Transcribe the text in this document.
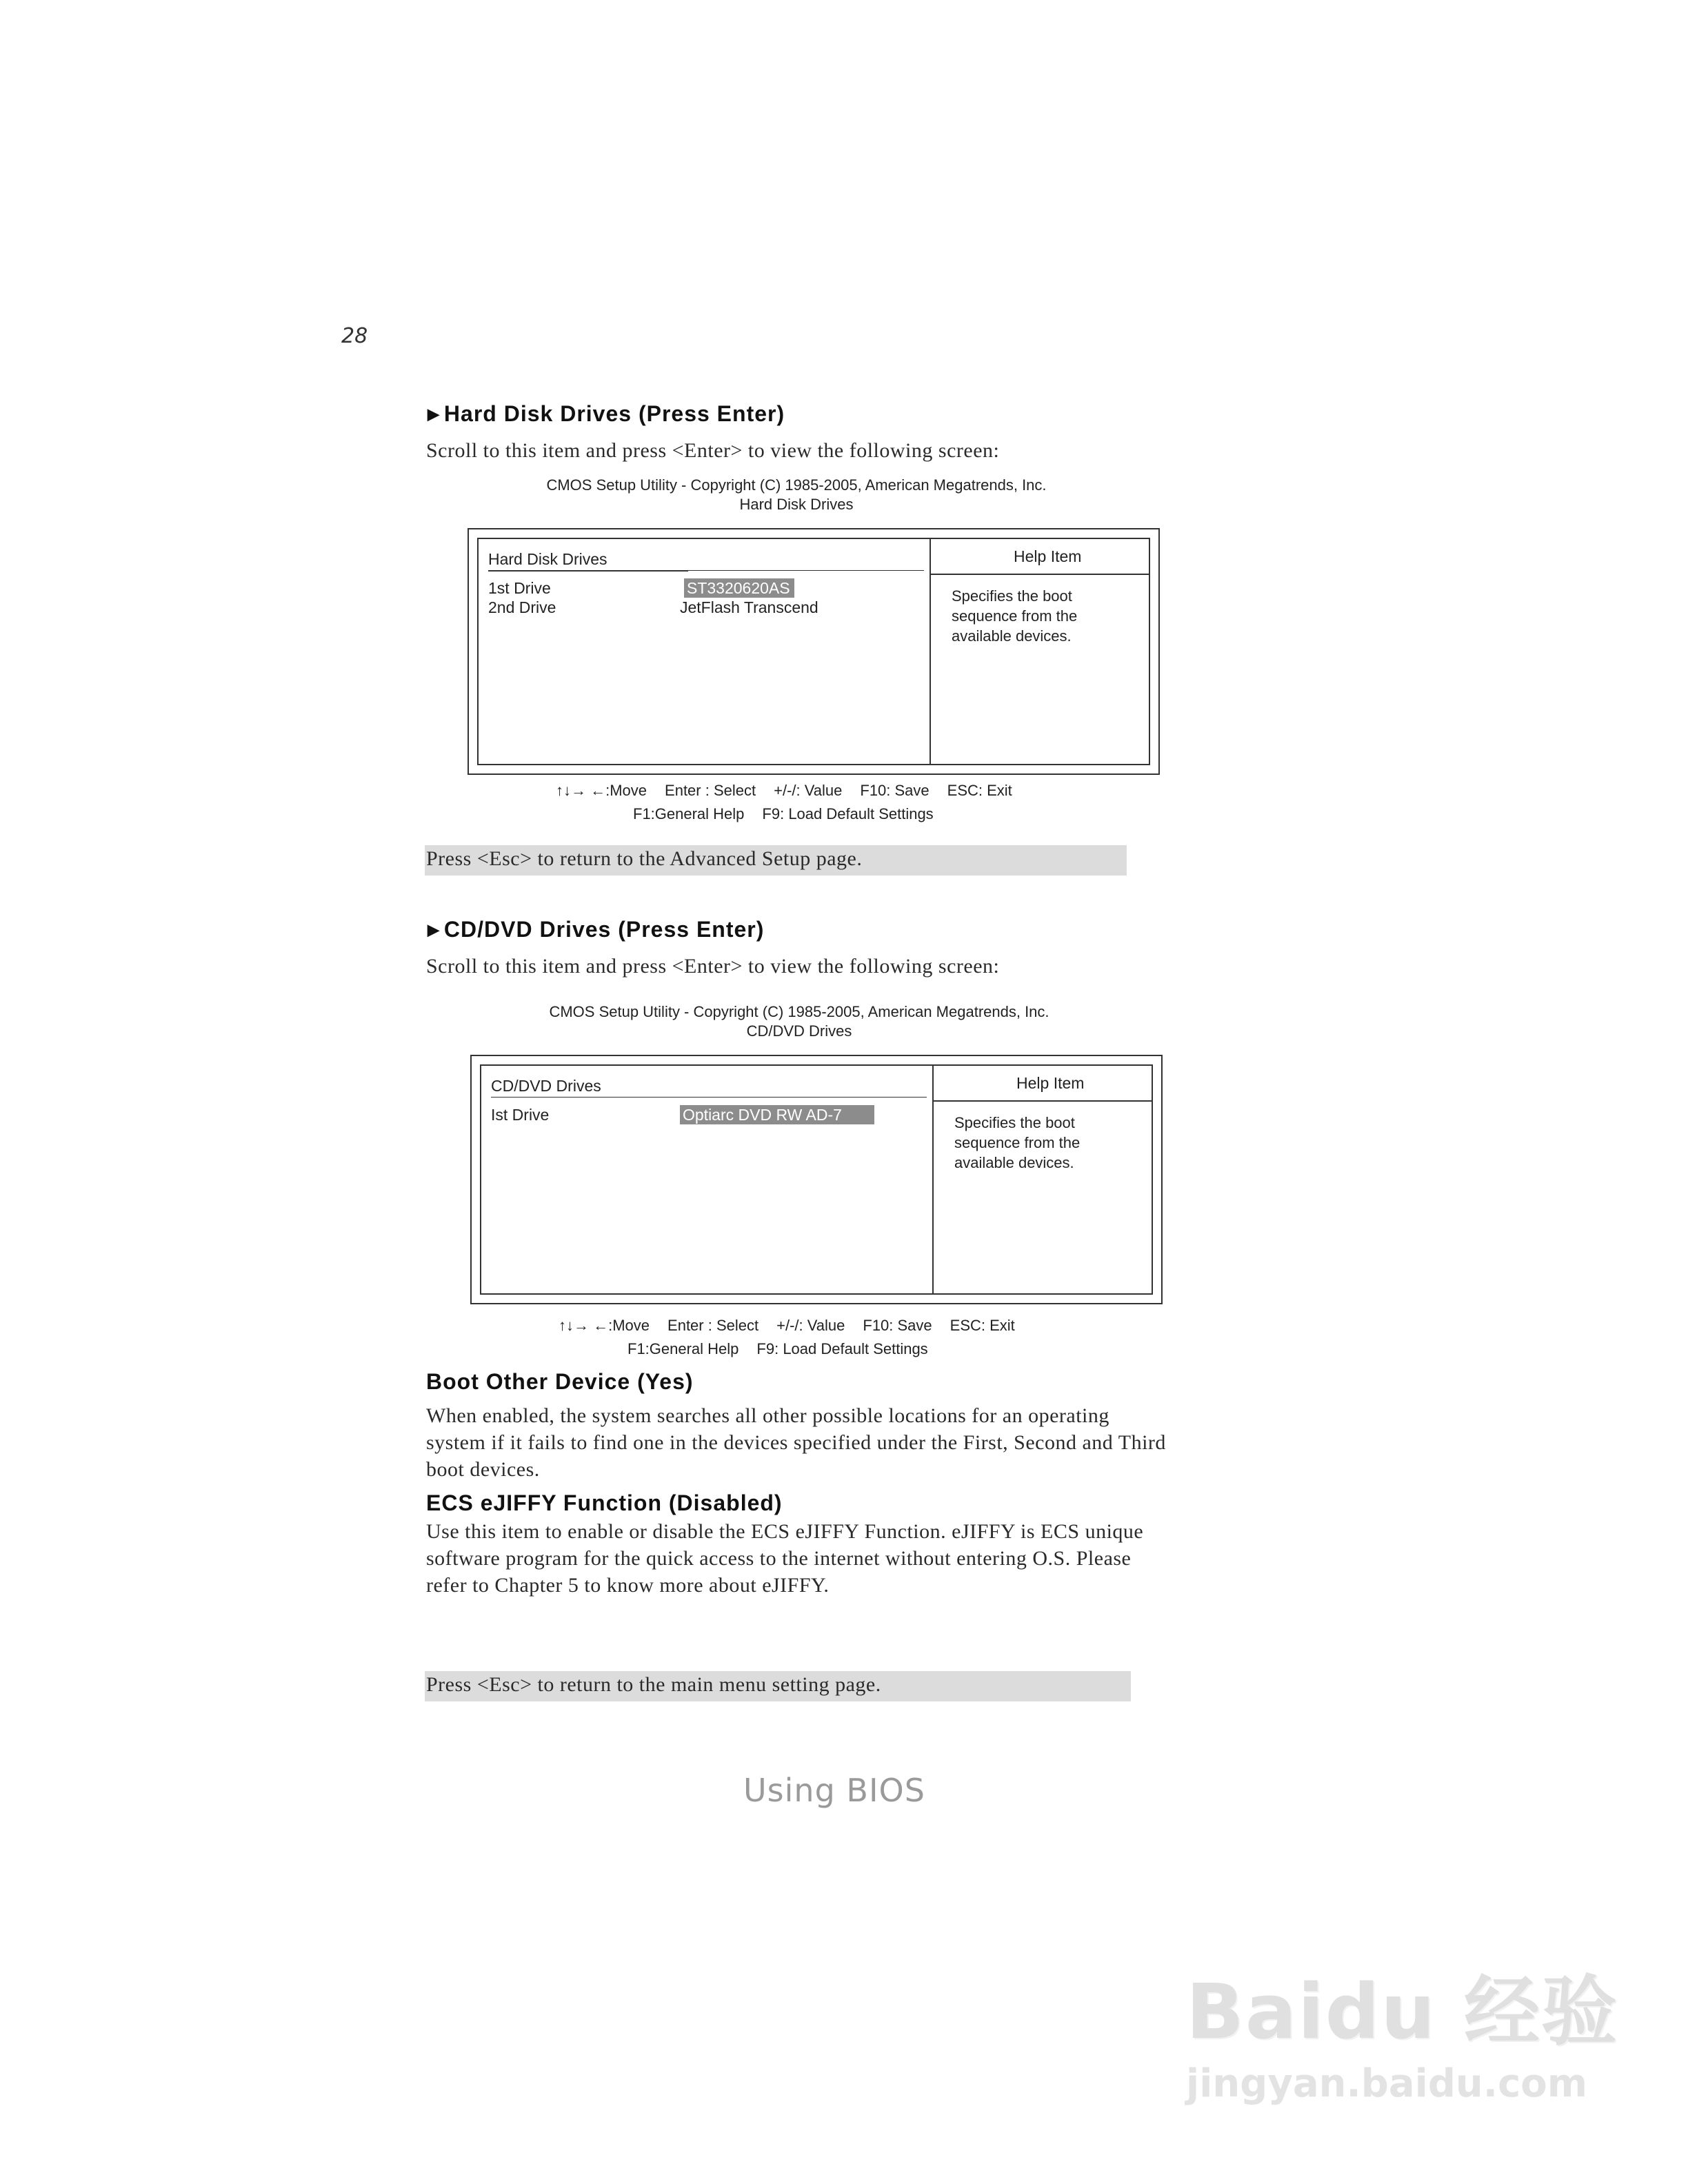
28
▶ Hard Disk Drives (Press Enter)
Scroll to this item and press <Enter> to view the following screen:
CMOS Setup Utility - Copyright (C) 1985-2005, American Megatrends, Inc.
Hard Disk Drives
Hard Disk Drives
1st Drive	ST3320620AS
2nd Drive	JetFlash Transcend
Help Item
Specifies the boot
sequence from the
available devices.
↑↓→ ←:Move Enter : Select +/-/: Value F10: Save ESC: Exit
F1:General Help F9: Load Default Settings
Press <Esc> to return to the Advanced Setup page.
▶ CD/DVD Drives (Press Enter)
Scroll to this item and press <Enter> to view the following screen:
CMOS Setup Utility - Copyright (C) 1985-2005, American Megatrends, Inc.
CD/DVD Drives
CD/DVD Drives
Ist Drive	Optiarc DVD RW AD-7
Help Item
Specifies the boot
sequence from the
available devices.
↑↓→ ←:Move Enter : Select +/-/: Value F10: Save ESC: Exit
F1:General Help F9: Load Default Settings
Boot Other Device (Yes)
When enabled, the system searches all other possible locations for an operating
system if it fails to find one in the devices specified under the First, Second and Third
boot devices.
ECS eJIFFY Function (Disabled)
Use this item to enable or disable the ECS eJIFFY Function. eJIFFY is ECS unique
software program for the quick access to the internet without entering O.S. Please
refer to Chapter 5 to know more about eJIFFY.
Press <Esc> to return to the main menu setting page.
Using BIOS
Baidu 经验
jingyan.baidu.com
